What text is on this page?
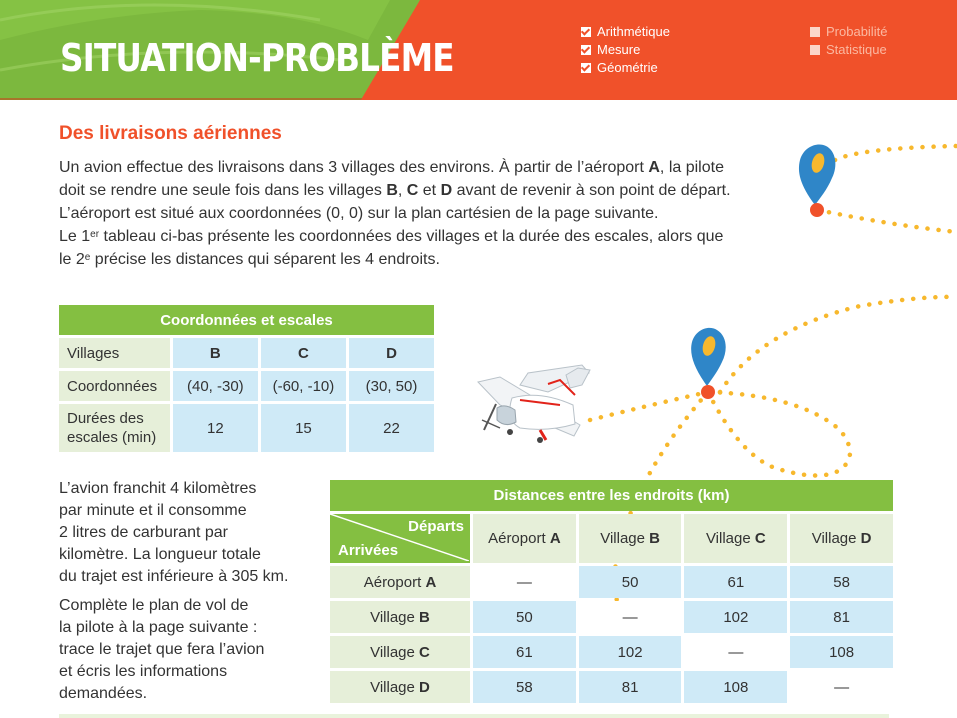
SITUATION-PROBLÈME
Arithmétique
Mesure
Géométrie
Probabilité
Statistique
Des livraisons aériennes

Un avion effectue des livraisons dans 3 villages des environs. À partir de l’aéroport A, la pilote

doit se rendre une seule fois dans les villages B, C et D avant de revenir à son point de départ.

L’aéroport est situé aux coordonnées (0, 0) sur la plan cartésien de la page suivante.

Le 1er tableau ci-bas présente les coordonnées des villages et la durée des escales, alors que

le 2e précise les distances qui séparent les 4 endroits.

Coordonnées et escales			
Villages	B	C	D
Coordonnées	(40, -30)	(-60, -10)	(30, 50)
Durées des
escales (min)	12	15	22

L’avion franchit 4 kilomètres

par minute et il consomme

2 litres de carburant par

kilomètre. La longueur totale

du trajet est inférieure à 305 km.

Complète le plan de vol de

la pilote à la page suivante :

trace le trajet que fera l’avion

et écris les informations

demandées.

Distances entre les endroits (km)				

Départs
Arrivées	Aéroport A	Village B	Village C	Village D
Aéroport A	—	50	61	58
Village B	50	—	102	81
Village C	61	102	—	108
Village D	58	81	108	—
